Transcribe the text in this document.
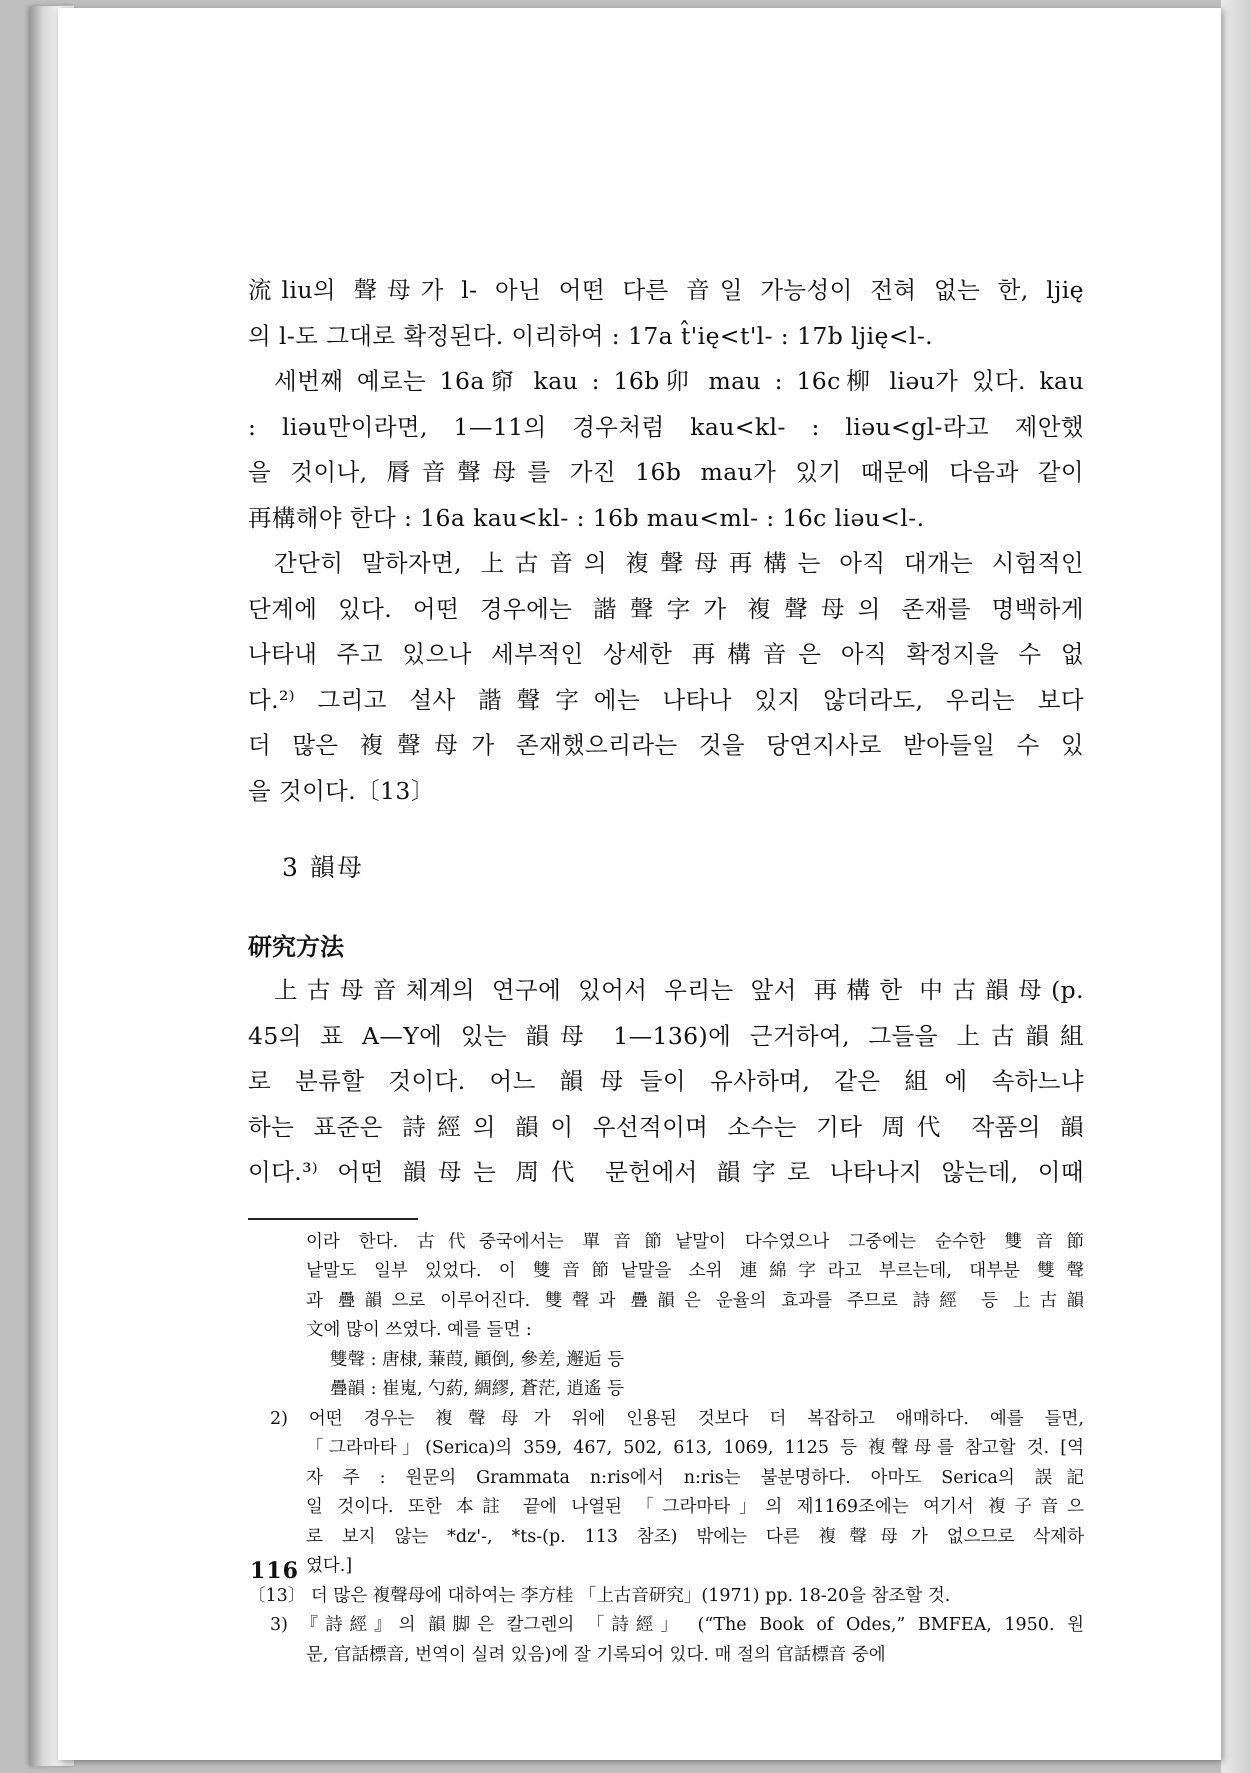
流liu의 聲母가 l- 아닌 어떤 다른 音일 가능성이 전혀 없는 한, ljię

의 l-도 그대로 확정된다. 이리하여 : 17a t̂'ię<t'l- : 17b ljię<l-.

세번째 예로는 16a窌 kau : 16b卯 mau : 16c柳 liəu가 있다. kau

: liəu만이라면, 1—11의 경우처럼 kau<kl- : liəu<gl-라고 제안했

을 것이나, 脣音聲母를 가진 16b mau가 있기 때문에 다음과 같이

再構해야 한다 : 16a kau<kl- : 16b mau<ml- : 16c liəu<l-.

간단히 말하자면, 上古音의 複聲母再構는 아직 대개는 시험적인

단계에 있다. 어떤 경우에는 諧聲字가 複聲母의 존재를 명백하게

나타내 주고 있으나 세부적인 상세한 再構音은 아직 확정지을 수 없

다.²⁾ 그리고 설사 諧聲字에는 나타나 있지 않더라도, 우리는 보다

더 많은 複聲母가 존재했으리라는 것을 당연지사로 받아들일 수 있

을 것이다.〔13〕

3 韻母
研究方法

上古母音체계의 연구에 있어서 우리는 앞서 再構한 中古韻母(p.

45의 표 A—Y에 있는 韻母 1—136)에 근거하여, 그들을 上古韻組

로 분류할 것이다. 어느 韻母들이 유사하며, 같은 組에 속하느냐

하는 표준은 詩經의 韻이 우선적이며 소수는 기타 周代 작품의 韻

이다.³⁾ 어떤 韻母는 周代 문헌에서 韻字로 나타나지 않는데, 이때

이라 한다. 古代중국에서는 單音節낱말이 다수였으나 그중에는 순수한 雙音節

낱말도 일부 있었다. 이 雙音節낱말을 소위 連綿字라고 부르는데, 대부분 雙聲

과 疊韻으로 이루어진다. 雙聲과 疊韻은 운율의 효과를 주므로 詩經 등 上古韻

文에 많이 쓰였다. 예를 들면 :

雙聲 : 唐棣, 蒹葭, 顚倒, 參差, 邂逅 등

疊韻 : 崔嵬, 勺葯, 綢繆, 蒼茫, 逍遙 등

2) 어떤 경우는 複聲母가 위에 인용된 것보다 더 복잡하고 애매하다. 예를 들면,

「그라마타」(Serica)의 359, 467, 502, 613, 1069, 1125 등 複聲母를 참고할 것. [역

자 주 : 원문의 Grammata n:ris에서 n:ris는 불분명하다. 아마도 Serica의 誤記

일 것이다. 또한 本註 끝에 나열된 「그라마타」의 제1169조에는 여기서 複子音으

로 보지 않는 *dz'-, *ts-(p. 113 참조) 밖에는 다른 複聲母가 없으므로 삭제하

였다.]

〔13〕 더 많은 複聲母에 대하여는 李方桂 「上古音研究」(1971) pp. 18-20을 참조할 것.

3) 『詩經』의 韻脚은 칼그렌의 「詩經」 (“The Book of Odes,” BMFEA, 1950. 원

문, 官話標音, 번역이 실려 있음)에 잘 기록되어 있다. 매 절의 官話標音 중에

116
